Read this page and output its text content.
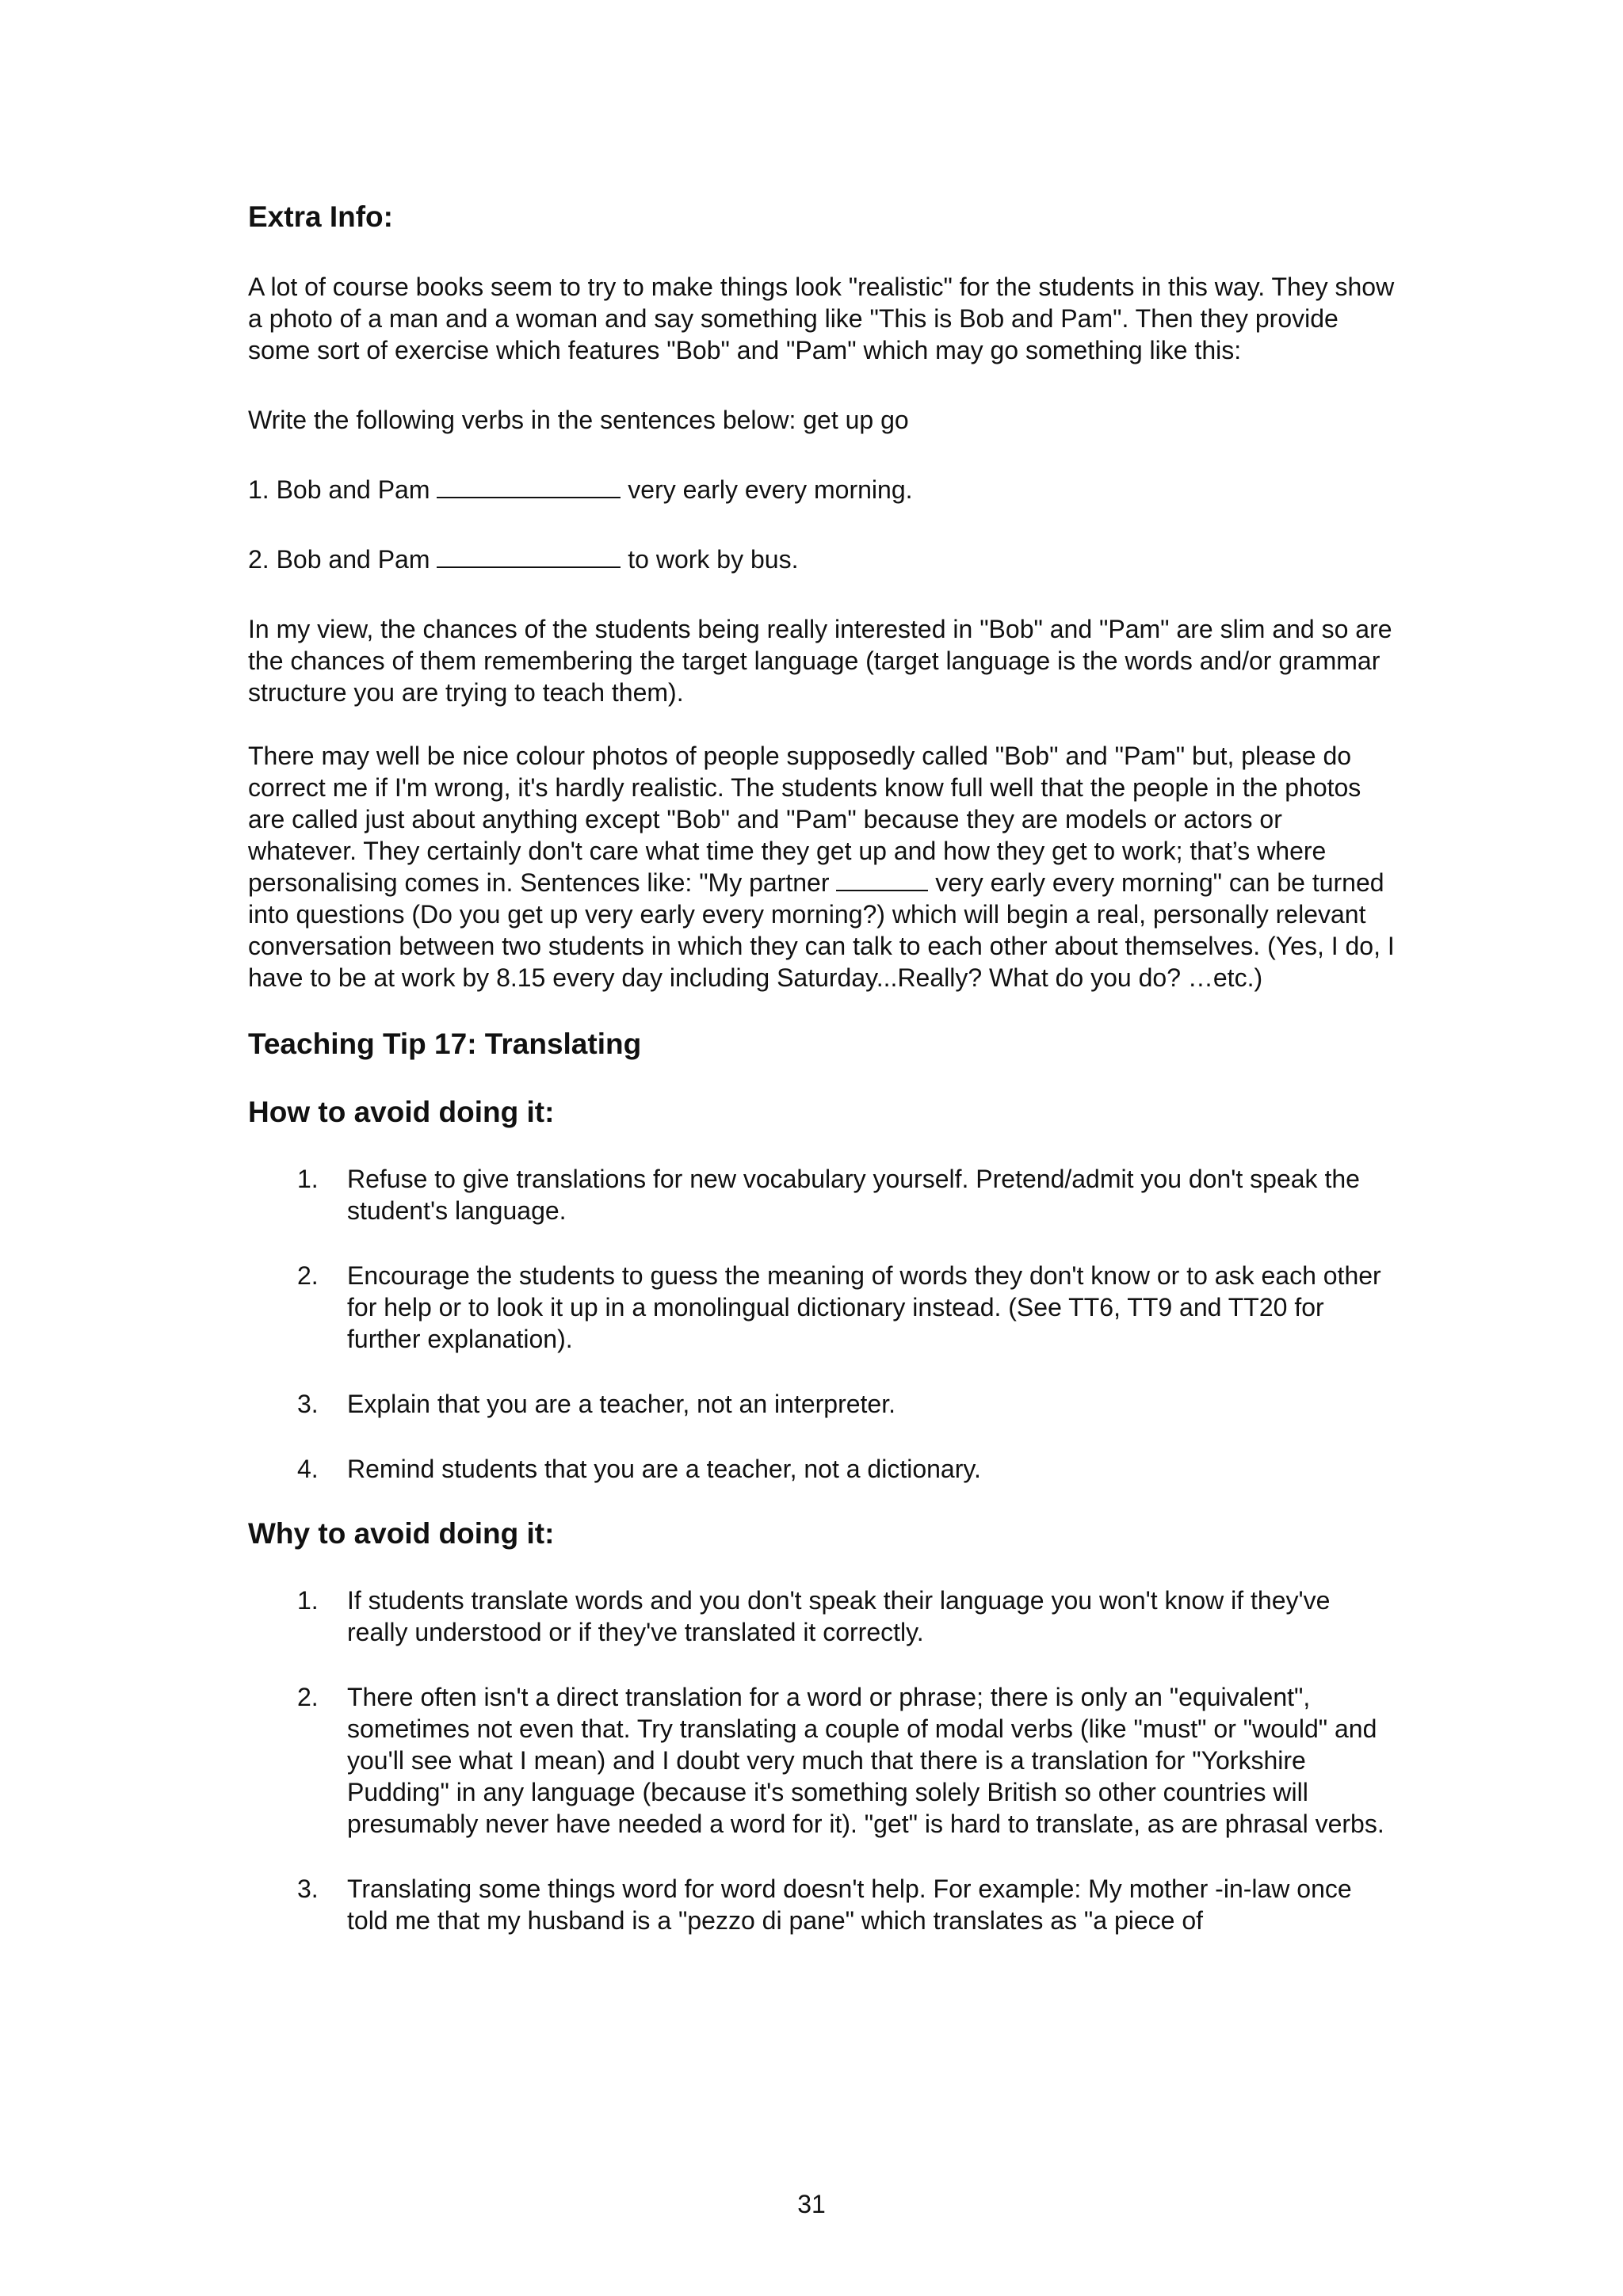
Extra Info:

A lot of course books seem to try to make things look "realistic" for the students in this way. They show a photo of a man and a woman and say something like "This is Bob and Pam". Then they provide some sort of exercise which features "Bob" and "Pam" which may go something like this:

Write the following verbs in the sentences below: get up go

1. Bob and Pam	very early every morning.

2. Bob and Pam	to work by bus.

In my view, the chances of the students being really interested in "Bob" and "Pam" are slim and so are the chances of them remembering the target language (target language is the words and/or grammar structure you are trying to teach them).

There may well be nice colour photos of people supposedly called "Bob" and "Pam" but, please do correct me if I'm wrong, it's hardly realistic. The students know full well that the people in the photos are called just about anything except "Bob" and "Pam" because they are models or actors or whatever. They certainly don't care what time they get up and how they get to work; that’s where personalising comes in. Sentences like: "My partner	very early every morning" can be turned into questions (Do you get up very early every morning?) which will begin a real, personally relevant conversation between two students in which they can talk to each other about themselves. (Yes, I do, I have to be at work by 8.15 every day including Saturday...Really? What do you do? …etc.)

Teaching Tip 17: Translating
How to avoid doing it:
1. Refuse to give translations for new vocabulary yourself. Pretend/admit you don't speak the student's language.
2. Encourage the students to guess the meaning of words they don't know or to ask each other for help or to look it up in a monolingual dictionary instead. (See TT6, TT9 and TT20 for further explanation).
3. Explain that you are a teacher, not an interpreter.
4. Remind students that you are a teacher, not a dictionary.
Why to avoid doing it:
1. If students translate words and you don't speak their language you won't know if they've really understood or if they've translated it correctly.
2. There often isn't a direct translation for a word or phrase; there is only an "equivalent", sometimes not even that. Try translating a couple of modal verbs (like "must" or "would" and you'll see what I mean) and I doubt very much that there is a translation for "Yorkshire Pudding" in any language (because it's something solely British so other countries will presumably never have needed a word for it). "get" is hard to translate, as are phrasal verbs.
3. Translating some things word for word doesn't help. For example: My mother -in-law once told me that my husband is a "pezzo di pane" which translates as "a piece of
31
